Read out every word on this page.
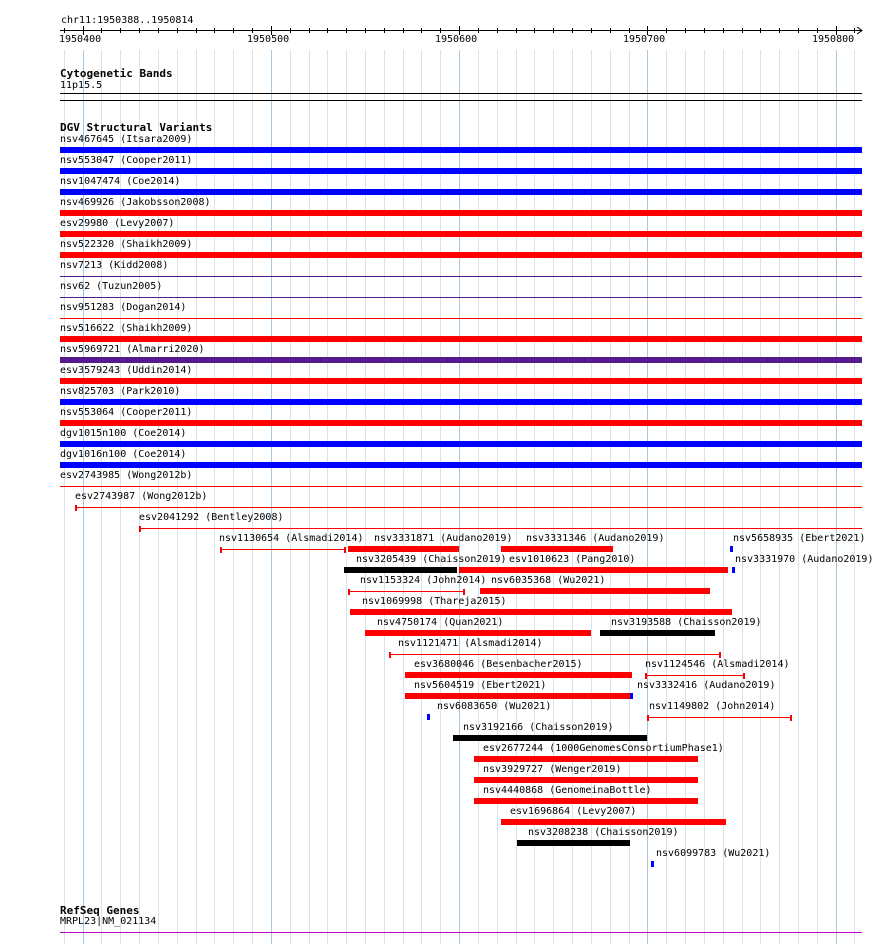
chr11:1950388..1950814
Cytogenetic Bands
11p15.5
DGV Structural Variants
RefSeq Genes
MRPL23|NM_021134
1950400	1950500	1950600	1950700	1950800
nsv467645 (Itsara2009)
nsv553047 (Cooper2011)
nsv1047474 (Coe2014)
nsv469926 (Jakobsson2008)
esv29980 (Levy2007)
nsv522320 (Shaikh2009)
nsv7213 (Kidd2008)
nsv62 (Tuzun2005)
nsv951283 (Dogan2014)
nsv516622 (Shaikh2009)
nsv5969721 (Almarri2020)
esv3579243 (Uddin2014)
nsv825703 (Park2010)
nsv553064 (Cooper2011)
dgv1015n100 (Coe2014)
dgv1016n100 (Coe2014)
esv2743985 (Wong2012b)
esv2743987 (Wong2012b)
esv2041292 (Bentley2008)
nsv1130654 (Alsmadi2014) nsv3331871 (Audano2019) nsv3331346 (Audano2019)	nsv5658935 (Ebert2021)
nsv3205439 (Chaisson2019) esv1010623 (Pang2010)	nsv3331970 (Audano2019)
nsv1153324 (John2014) nsv6035368 (Wu2021)
nsv1069998 (Thareja2015)
nsv4750174 (Quan2021)	nsv3193588 (Chaisson2019)
nsv1121471 (Alsmadi2014)
esv3680046 (Besenbacher2015)	nsv1124546 (Alsmadi2014)
nsv5604519 (Ebert2021)	nsv3332416 (Audano2019)
nsv6083650 (Wu2021)	nsv1149802 (John2014)
nsv3192166 (Chaisson2019)
esv2677244 (1000GenomesConsortiumPhase1)
nsv3929727 (Wenger2019)
nsv4440868 (GenomeinaBottle)
esv1696864 (Levy2007)
nsv3208238 (Chaisson2019)
nsv6099783 (Wu2021)
